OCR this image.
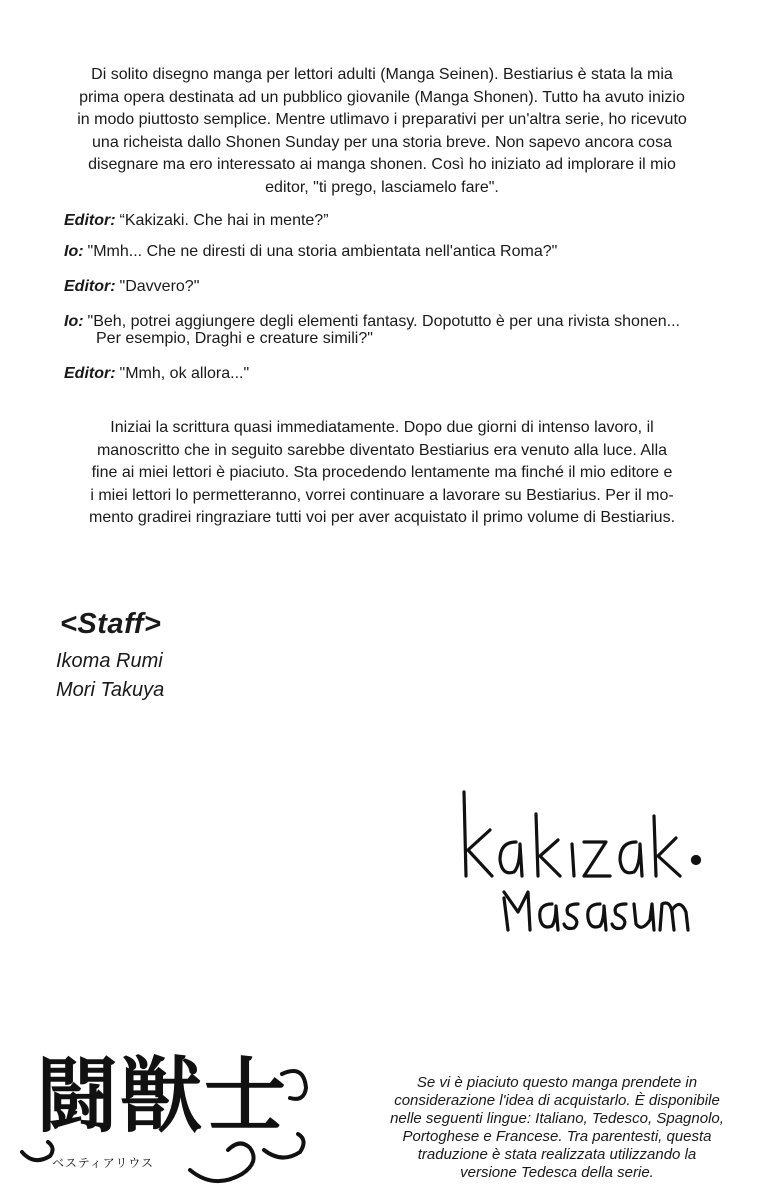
Di solito disegno manga per lettori adulti (Manga Seinen). Bestiarius è stata la mia
prima opera destinata ad un pubblico giovanile (Manga Shonen). Tutto ha avuto inizio
in modo piuttosto semplice. Mentre utlimavo i preparativi per un'altra serie, ho ricevuto
una richeista dallo Shonen Sunday per una storia breve. Non sapevo ancora cosa
disegnare ma ero interessato ai manga shonen. Così ho iniziato ad implorare il mio
editor, "ti prego, lasciamelo fare".

Editor: “Kakizaki. Che hai in mente?”

Io: "Mmh... Che ne diresti di una storia ambientata nell'antica Roma?"

Editor: "Davvero?"

Io: "Beh, potrei aggiungere degli elementi fantasy. Dopotutto è per una rivista shonen...
Per esempio, Draghi e creature simili?"

Editor: "Mmh, ok allora..."

Iniziai la scrittura quasi immediatamente. Dopo due giorni di intenso lavoro, il
manoscritto che in seguito sarebbe diventato Bestiarius era venuto alla luce. Alla
fine ai miei lettori è piaciuto. Sta procedendo lentamente ma finché il mio editore e
i miei lettori lo permetteranno, vorrei continuare a lavorare su Bestiarius. Per il mo-
mento gradirei ringraziare tutti voi per aver acquistato il primo volume di Bestiarius.
<Staff>

Ikoma Rumi

Mori Takuya

闘獣士
ベスティアリウス
Se vi è piaciuto questo manga prendete in
considerazione l'idea di acquistarlo. È disponibile
nelle seguenti lingue: Italiano, Tedesco, Spagnolo,
Portoghese e Francese. Tra parentesti, questa
traduzione è stata realizzata utilizzando la
versione Tedesca della serie.
